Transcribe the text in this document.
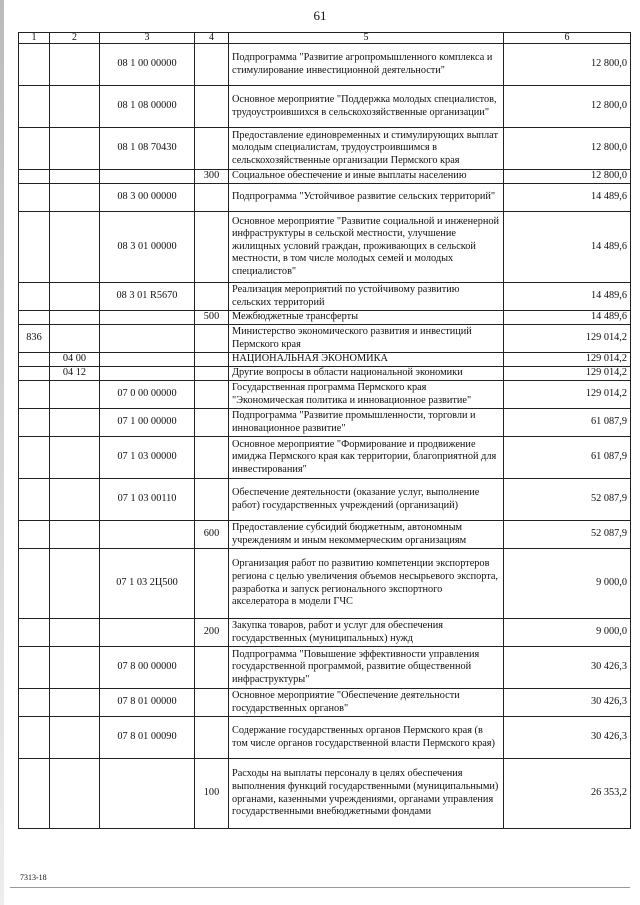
61
1	2	3	4	5	6
		08 1 00 00000		Подпрограмма "Развитие агропромышленного комплекса и стимулирование инвестиционной деятельности"	12 800,0
		08 1 08 00000		Основное мероприятие "Поддержка молодых специалистов, трудоустроившихся в сельскохозяйственные организации"	12 800,0
		08 1 08 70430		Предоставление единовременных и стимулирующих выплат молодым специалистам, трудоустроившимся в сельскохозяйственные организации Пермского края	12 800,0
			300	Социальное обеспечение и иные выплаты населению	12 800,0
		08 3 00 00000		Подпрограмма "Устойчивое развитие сельских территорий"	14 489,6
		08 3 01 00000		Основное мероприятие "Развитие социальной и инженерной инфраструктуры в сельской местности, улучшение жилищных условий граждан, проживающих в сельской местности, в том числе молодых семей и молодых специалистов"	14 489,6
		08 3 01 R5670		Реализация мероприятий по устойчивому развитию сельских территорий	14 489,6
			500	Межбюджетные трансферты	14 489,6
836				Министерство экономического развития и инвестиций Пермского края	129 014,2
	04 00			НАЦИОНАЛЬНАЯ ЭКОНОМИКА	129 014,2
	04 12			Другие вопросы в области национальной экономики	129 014,2
		07 0 00 00000		Государственная программа Пермского края "Экономическая политика и инновационное развитие"	129 014,2
		07 1 00 00000		Подпрограмма "Развитие промышленности, торговли и инновационное развитие"	61 087,9
		07 1 03 00000		Основное мероприятие "Формирование и продвижение имиджа Пермского края как территории, благоприятной для инвестирования"	61 087,9
		07 1 03 00110		Обеспечение деятельности (оказание услуг, выполнение работ) государственных учреждений (организаций)	52 087,9
			600	Предоставление субсидий бюджетным, автономным учреждениям и иным некоммерческим организациям	52 087,9
		07 1 03 2Ц500		Организация работ по развитию компетенции экспортеров региона с целью увеличения объемов несырьевого экспорта, разработка и запуск регионального экспортного акселератора в модели ГЧС	9 000,0
			200	Закупка товаров, работ и услуг для обеспечения государственных (муниципальных) нужд	9 000,0
		07 8 00 00000		Подпрограмма "Повышение эффективности управления государственной программой, развитие общественной инфраструктуры"	30 426,3
		07 8 01 00000		Основное мероприятие "Обеспечение деятельности государственных органов"	30 426,3
		07 8 01 00090		Содержание государственных органов Пермского края (в том числе органов государственной власти Пермского края)	30 426,3
			100	Расходы на выплаты персоналу в целях обеспечения выполнения функций государственными (муниципальными) органами, казенными учреждениями, органами управления государственными внебюджетными фондами	26 353,2
7313-18
